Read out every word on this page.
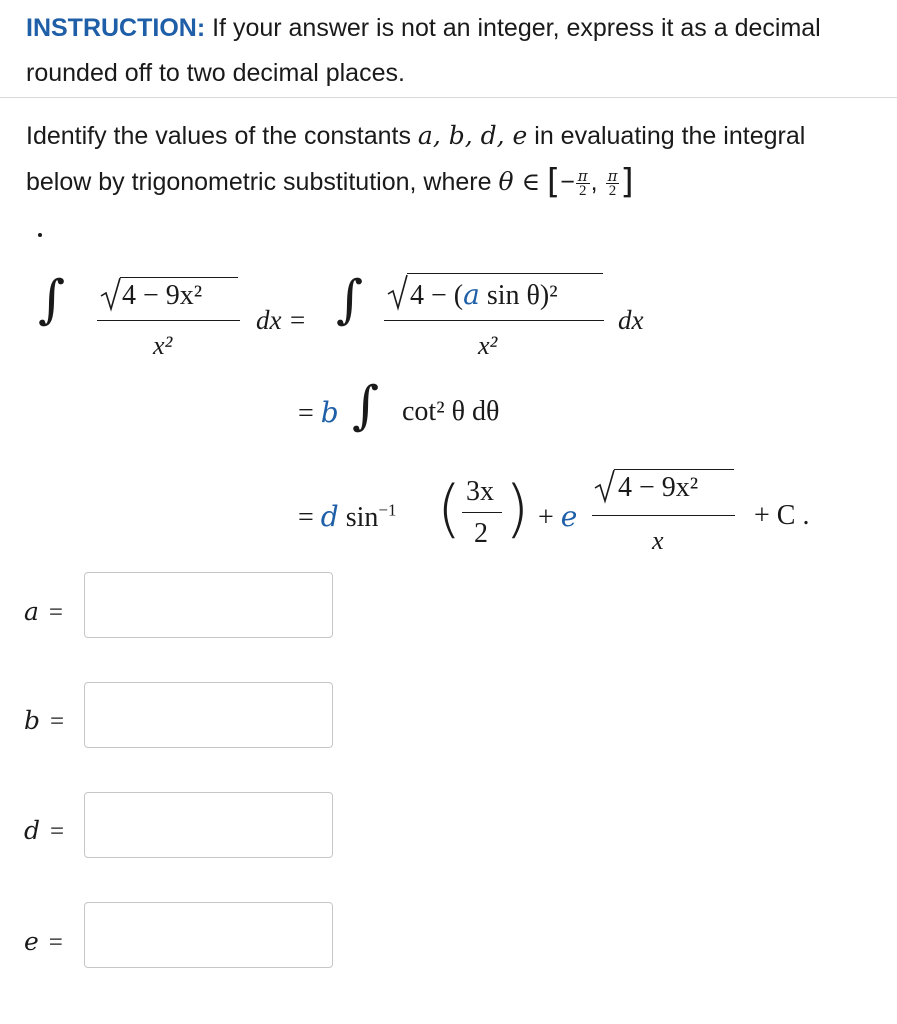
INSTRUCTION: If your answer is not an integer, express it as a decimal rounded off to two decimal places.
Identify the values of the constants a, b, d, e in evaluating the integral below by trigonometric substitution, where θ ∈ [− $\frac{\pi}{2}$ , $\frac{\pi}{2}$ ]
∫ 4 − 9x²
x²
dx = ∫ 4 − (a sin θ)²
x²
dx
= b ∫ cot² θ dθ
= d $\sin^{-1}$ ( 3x
2 ) + e
4 − 9x²
x
+ C .
a =
b =
d =
e =
